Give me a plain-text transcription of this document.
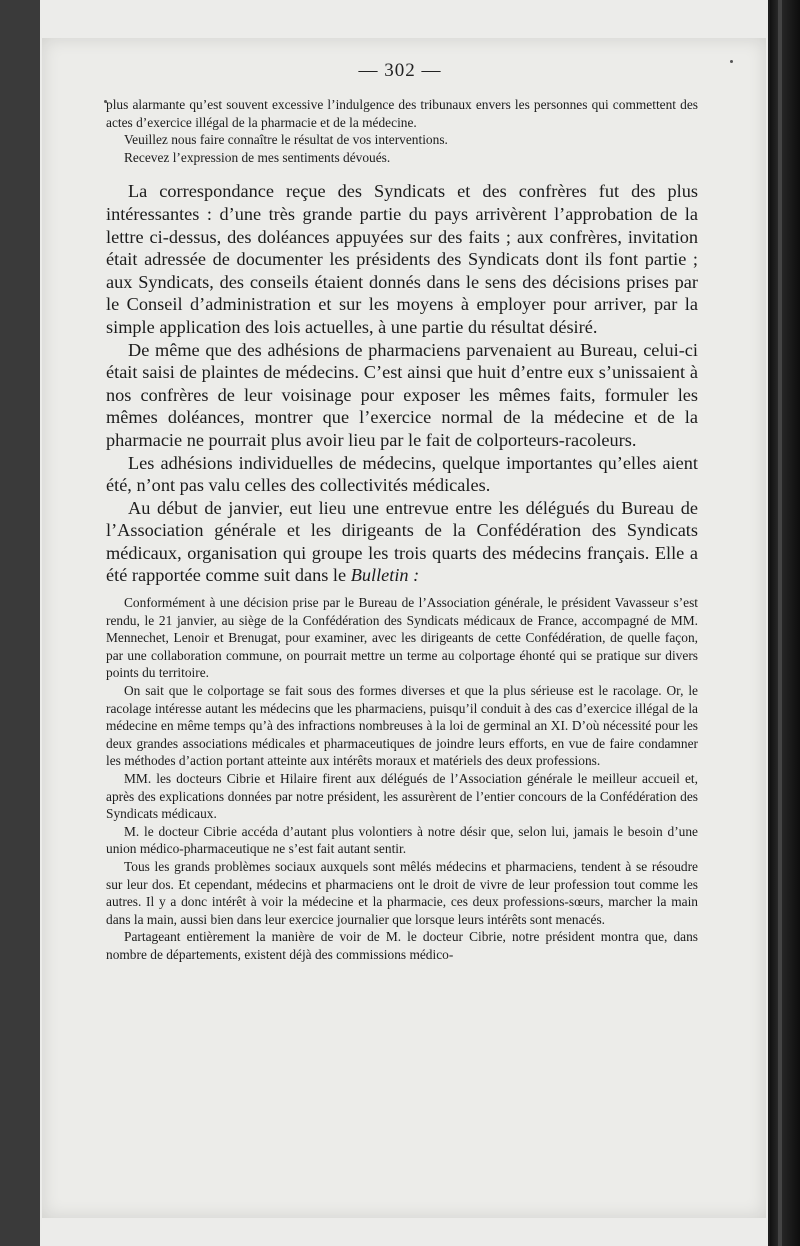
— 302 —

plus alarmante qu’est souvent excessive l’indulgence des tribunaux envers les personnes qui commettent des actes d’exercice illégal de la pharmacie et de la médecine.

Veuillez nous faire connaître le résultat de vos interventions.

Recevez l’expression de mes sentiments dévoués.

La correspondance reçue des Syndicats et des confrères fut des plus intéressantes : d’une très grande partie du pays arrivèrent l’approbation de la lettre ci-dessus, des doléances appuyées sur des faits ; aux confrères, invitation était adressée de documenter les présidents des Syndicats dont ils font partie ; aux Syndicats, des conseils étaient donnés dans le sens des décisions prises par le Conseil d’administration et sur les moyens à employer pour arriver, par la simple application des lois actuelles, à une partie du résultat désiré.

De même que des adhésions de pharmaciens parvenaient au Bureau, celui-ci était saisi de plaintes de médecins. C’est ainsi que huit d’entre eux s’unissaient à nos confrères de leur voisinage pour exposer les mêmes faits, formuler les mêmes doléances, montrer que l’exercice normal de la médecine et de la pharmacie ne pourrait plus avoir lieu par le fait de colporteurs-racoleurs.

Les adhésions individuelles de médecins, quelque importantes qu’elles aient été, n’ont pas valu celles des collectivités médicales.

Au début de janvier, eut lieu une entrevue entre les délégués du Bureau de l’Association générale et les dirigeants de la Confédération des Syndicats médicaux, organisation qui groupe les trois quarts des médecins français. Elle a été rapportée comme suit dans le Bulletin :

Conformément à une décision prise par le Bureau de l’Association générale, le président Vavasseur s’est rendu, le 21 janvier, au siège de la Confédération des Syndicats médicaux de France, accompagné de MM. Mennechet, Lenoir et Brenugat, pour examiner, avec les dirigeants de cette Confédération, de quelle façon, par une collaboration commune, on pourrait mettre un terme au colportage éhonté qui se pratique sur divers points du territoire.

On sait que le colportage se fait sous des formes diverses et que la plus sérieuse est le racolage. Or, le racolage intéresse autant les médecins que les pharmaciens, puisqu’il conduit à des cas d’exercice illégal de la médecine en même temps qu’à des infractions nombreuses à la loi de germinal an XI. D’où nécessité pour les deux grandes associations médicales et pharmaceutiques de joindre leurs efforts, en vue de faire condamner les méthodes d’action portant atteinte aux intérêts moraux et matériels des deux professions.

MM. les docteurs Cibrie et Hilaire firent aux délégués de l’Association générale le meilleur accueil et, après des explications données par notre président, les assurèrent de l’entier concours de la Confédération des Syndicats médicaux.

M. le docteur Cibrie accéda d’autant plus volontiers à notre désir que, selon lui, jamais le besoin d’une union médico-pharmaceutique ne s’est fait autant sentir.

Tous les grands problèmes sociaux auxquels sont mêlés médecins et pharmaciens, tendent à se résoudre sur leur dos. Et cependant, médecins et pharmaciens ont le droit de vivre de leur profession tout comme les autres. Il y a donc intérêt à voir la médecine et la pharmacie, ces deux professions-sœurs, marcher la main dans la main, aussi bien dans leur exercice journalier que lorsque leurs intérêts sont menacés.

Partageant entièrement la manière de voir de M. le docteur Cibrie, notre président montra que, dans nombre de départements, existent déjà des commissions médico-
